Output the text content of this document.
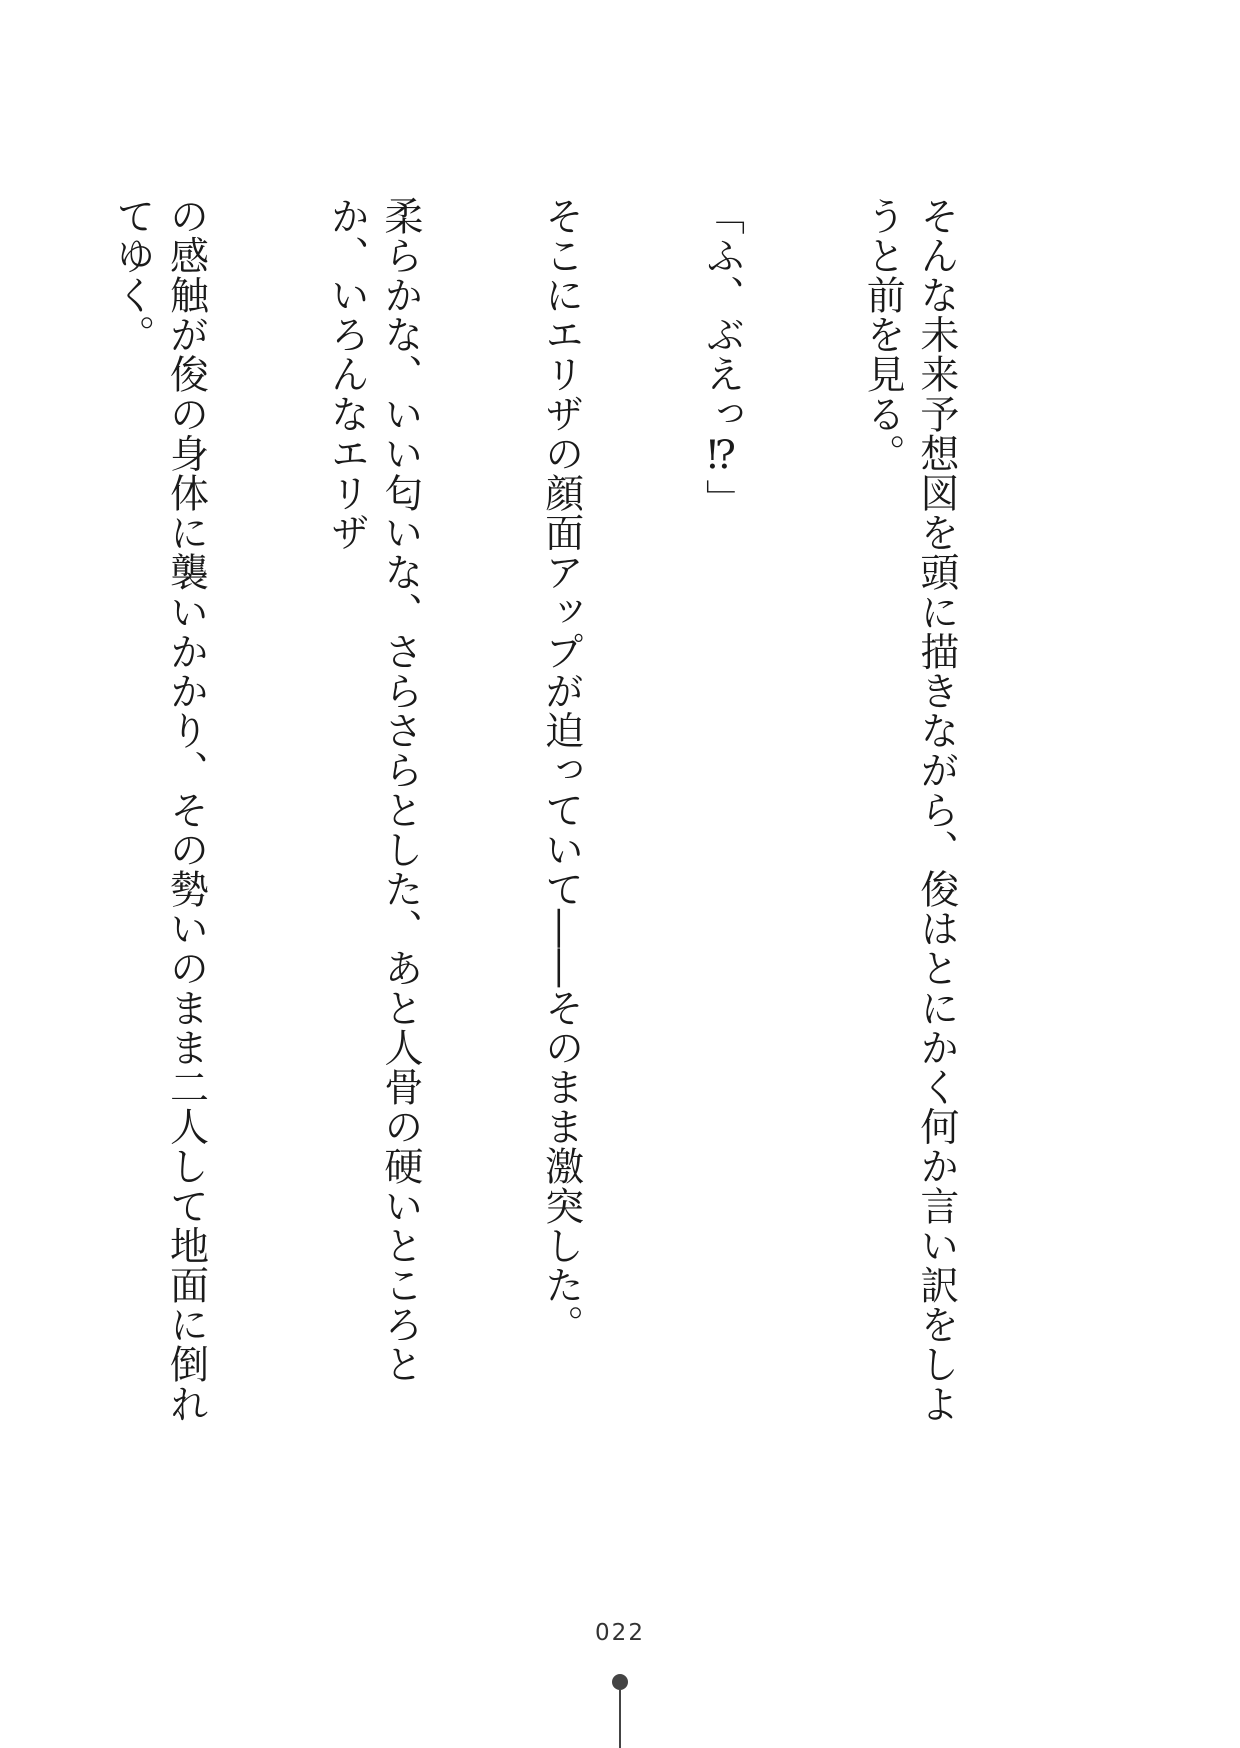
そんな未来予想図を頭に描きながら、俊はとにかく何か言い訳をしようと前を見る。

「ふ、ぶえっ⁉」

そこにエリザの顔面アップが迫っていて――そのまま激突した。

柔らかな、いい匂いな、さらさらとした、あと人骨の硬いところとか、いろんなエリザ

の感触が俊の身体に襲いかかり、その勢いのまま二人して地面に倒れてゆく。

022
